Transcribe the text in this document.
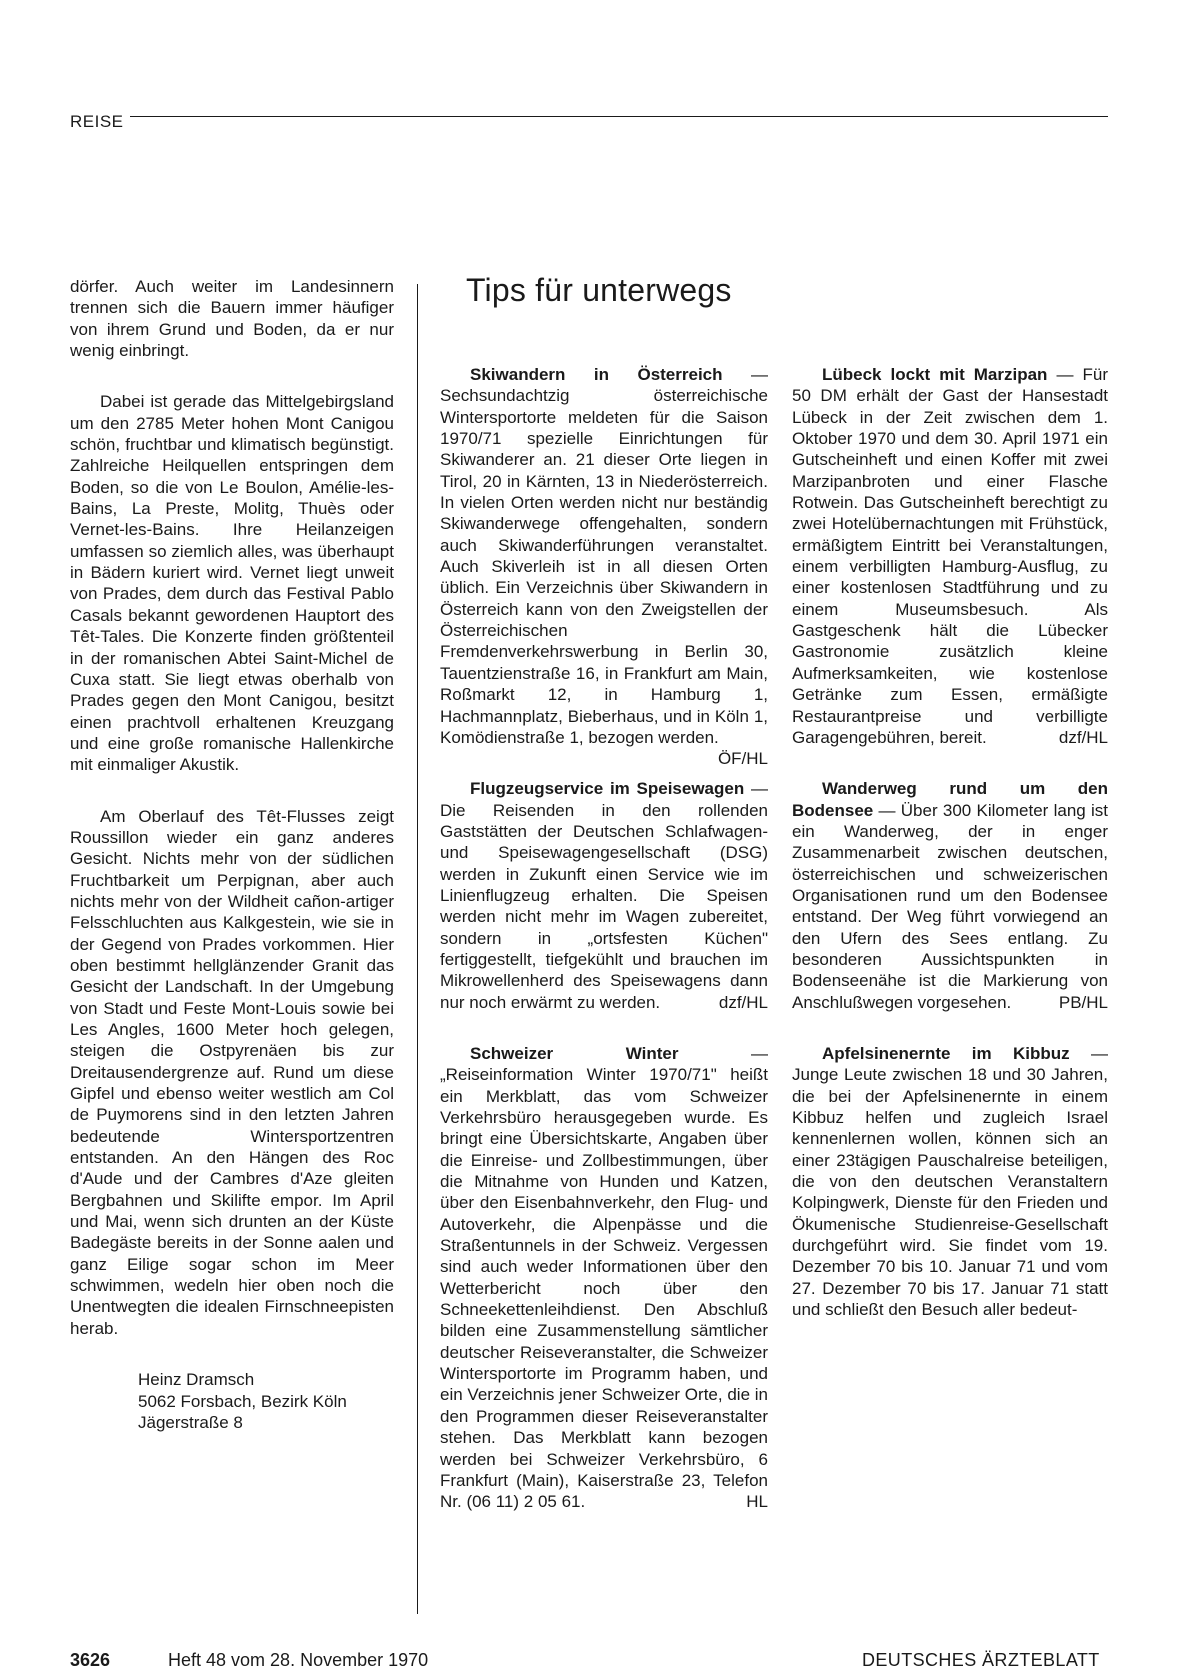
REISE

dörfer. Auch weiter im Landesinnern trennen sich die Bauern immer häufiger von ihrem Grund und Boden, da er nur wenig einbringt.

Dabei ist gerade das Mittelgebirgsland um den 2785 Meter hohen Mont Canigou schön, fruchtbar und klimatisch begünstigt. Zahlreiche Heilquellen entspringen dem Boden, so die von Le Boulon, Amélie-les-Bains, La Preste, Molitg, Thuès oder Vernet-les-Bains. Ihre Heilanzeigen umfassen so ziemlich alles, was überhaupt in Bädern kuriert wird. Vernet liegt unweit von Prades, dem durch das Festival Pablo Casals bekannt gewordenen Hauptort des Têt-Tales. Die Konzerte finden größtenteil in der romanischen Abtei Saint-Michel de Cuxa statt. Sie liegt etwas oberhalb von Prades gegen den Mont Canigou, besitzt einen prachtvoll erhaltenen Kreuzgang und eine große romanische Hallenkirche mit einmaliger Akustik.

Am Oberlauf des Têt-Flusses zeigt Roussillon wieder ein ganz anderes Gesicht. Nichts mehr von der südlichen Fruchtbarkeit um Perpignan, aber auch nichts mehr von der Wildheit cañon-artiger Felsschluchten aus Kalkgestein, wie sie in der Gegend von Prades vorkommen. Hier oben bestimmt hellglänzender Granit das Gesicht der Landschaft. In der Umgebung von Stadt und Feste Mont-Louis sowie bei Les Angles, 1600 Meter hoch gelegen, steigen die Ostpyrenäen bis zur Dreitausendergrenze auf. Rund um diese Gipfel und ebenso weiter westlich am Col de Puymorens sind in den letzten Jahren bedeutende Wintersportzentren entstanden. An den Hängen des Roc d'Aude und der Cambres d'Aze gleiten Bergbahnen und Skilifte empor. Im April und Mai, wenn sich drunten an der Küste Badegäste bereits in der Sonne aalen und ganz Eilige sogar schon im Meer schwimmen, wedeln hier oben noch die Unentwegten die idealen Firnschneepisten herab.

Heinz Dramsch
5062 Forsbach, Bezirk Köln
Jägerstraße 8
Tips für unterwegs
Skiwandern in Österreich — Sechsundachtzig österreichische Wintersportorte meldeten für die Saison 1970/71 spezielle Einrichtungen für Skiwanderer an. 21 dieser Orte liegen in Tirol, 20 in Kärnten, 13 in Niederösterreich. In vielen Orten werden nicht nur beständig Skiwanderwege offengehalten, sondern auch Skiwanderführungen veranstaltet. Auch Skiverleih ist in all diesen Orten üblich. Ein Verzeichnis über Skiwandern in Österreich kann von den Zweigstellen der Österreichischen Fremdenverkehrswerbung in Berlin 30, Tauentzienstraße 16, in Frankfurt am Main, Roßmarkt 12, in Hamburg 1, Hachmannplatz, Bieberhaus, und in Köln 1, Komödienstraße 1, bezogen werden.
ÖF/HL
Flugzeugservice im Speisewagen — Die Reisenden in den rollenden Gaststätten der Deutschen Schlafwagen- und Speisewagengesellschaft (DSG) werden in Zukunft einen Service wie im Linienflugzeug erhalten. Die Speisen werden nicht mehr im Wagen zubereitet, sondern in „ortsfesten Küchen" fertiggestellt, tiefgekühlt und brauchen im Mikrowellenherd des Speisewagens dann nur noch erwärmt zu werden.	dzf/HL
Schweizer Winter — „Reiseinformation Winter 1970/71" heißt ein Merkblatt, das vom Schweizer Verkehrsbüro herausgegeben wurde. Es bringt eine Übersichtskarte, Angaben über die Einreise- und Zollbestimmungen, über die Mitnahme von Hunden und Katzen, über den Eisenbahnverkehr, den Flug- und Autoverkehr, die Alpenpässe und die Straßentunnels in der Schweiz. Vergessen sind auch weder Informationen über den Wetterbericht noch über den Schneekettenleihdienst. Den Abschluß bilden eine Zusammenstellung sämtlicher deutscher Reiseveranstalter, die Schweizer Wintersportorte im Programm haben, und ein Verzeichnis jener Schweizer Orte, die in den Programmen dieser Reiseveranstalter stehen. Das Merkblatt kann bezogen werden bei Schweizer Verkehrsbüro, 6 Frankfurt (Main), Kaiserstraße 23, Telefon Nr. (06 11) 2 05 61.	HL
Lübeck lockt mit Marzipan — Für 50 DM erhält der Gast der Hansestadt Lübeck in der Zeit zwischen dem 1. Oktober 1970 und dem 30. April 1971 ein Gutscheinheft und einen Koffer mit zwei Marzipanbroten und einer Flasche Rotwein. Das Gutscheinheft berechtigt zu zwei Hotelübernachtungen mit Frühstück, ermäßigtem Eintritt bei Veranstaltungen, einem verbilligten Hamburg-Ausflug, zu einer kostenlosen Stadtführung und zu einem Museumsbesuch. Als Gastgeschenk hält die Lübecker Gastronomie zusätzlich kleine Aufmerksamkeiten, wie kostenlose Getränke zum Essen, ermäßigte Restaurantpreise und verbilligte Garagengebühren, bereit.	dzf/HL
Wanderweg rund um den Bodensee — Über 300 Kilometer lang ist ein Wanderweg, der in enger Zusammenarbeit zwischen deutschen, österreichischen und schweizerischen Organisationen rund um den Bodensee entstand. Der Weg führt vorwiegend an den Ufern des Sees entlang. Zu besonderen Aussichtspunkten in Bodenseenähe ist die Markierung von Anschlußwegen vorgesehen.	PB/HL
Apfelsinenernte im Kibbuz — Junge Leute zwischen 18 und 30 Jahren, die bei der Apfelsinenernte in einem Kibbuz helfen und zugleich Israel kennenlernen wollen, können sich an einer 23tägigen Pauschalreise beteiligen, die von den deutschen Veranstaltern Kolpingwerk, Dienste für den Frieden und Ökumenische Studienreise-Gesellschaft durchgeführt wird. Sie findet vom 19. Dezember 70 bis 10. Januar 71 und vom 27. Dezember 70 bis 17. Januar 71 statt und schließt den Besuch aller bedeut-
3626	Heft 48 vom 28. November 1970	DEUTSCHES ÄRZTEBLATT
